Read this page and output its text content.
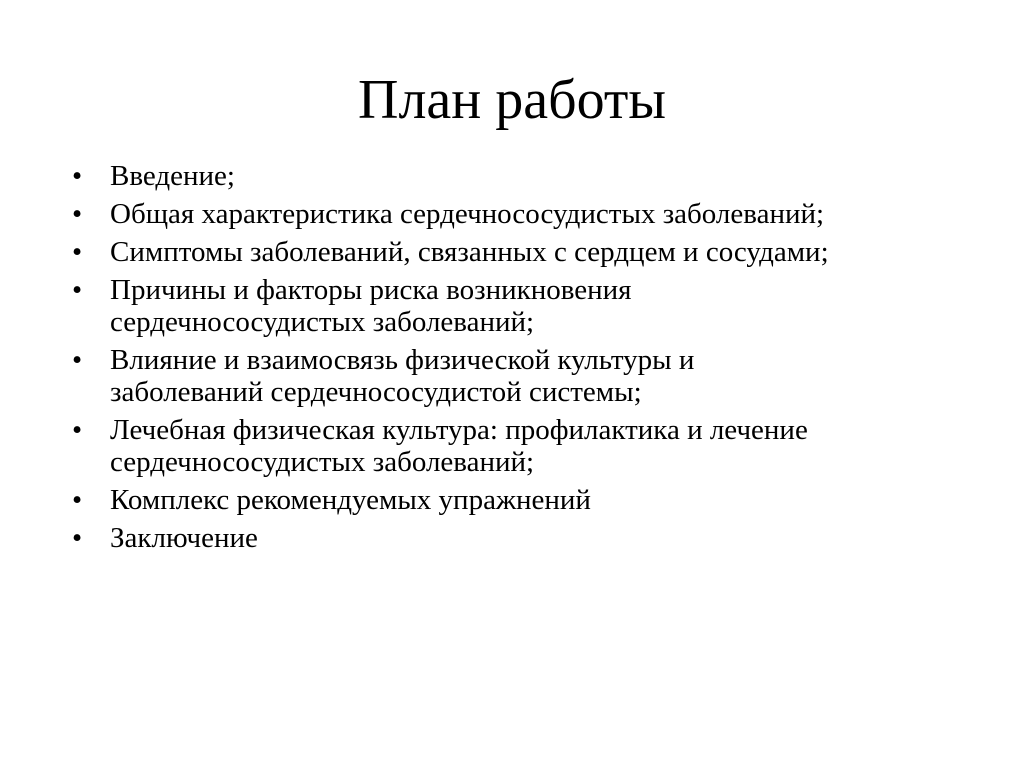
План работы
• Введение;
• Общая характеристика сердечнососудистых заболеваний;
• Симптомы заболеваний, связанных с сердцем и сосудами;
• Причины и факторы риска возникновения сердечнососудистых заболеваний;
• Влияние и взаимосвязь физической культуры и заболеваний сердечнососудистой системы;
• Лечебная физическая культура: профилактика и лечение сердечнососудистых заболеваний;
• Комплекс рекомендуемых упражнений
• Заключение
